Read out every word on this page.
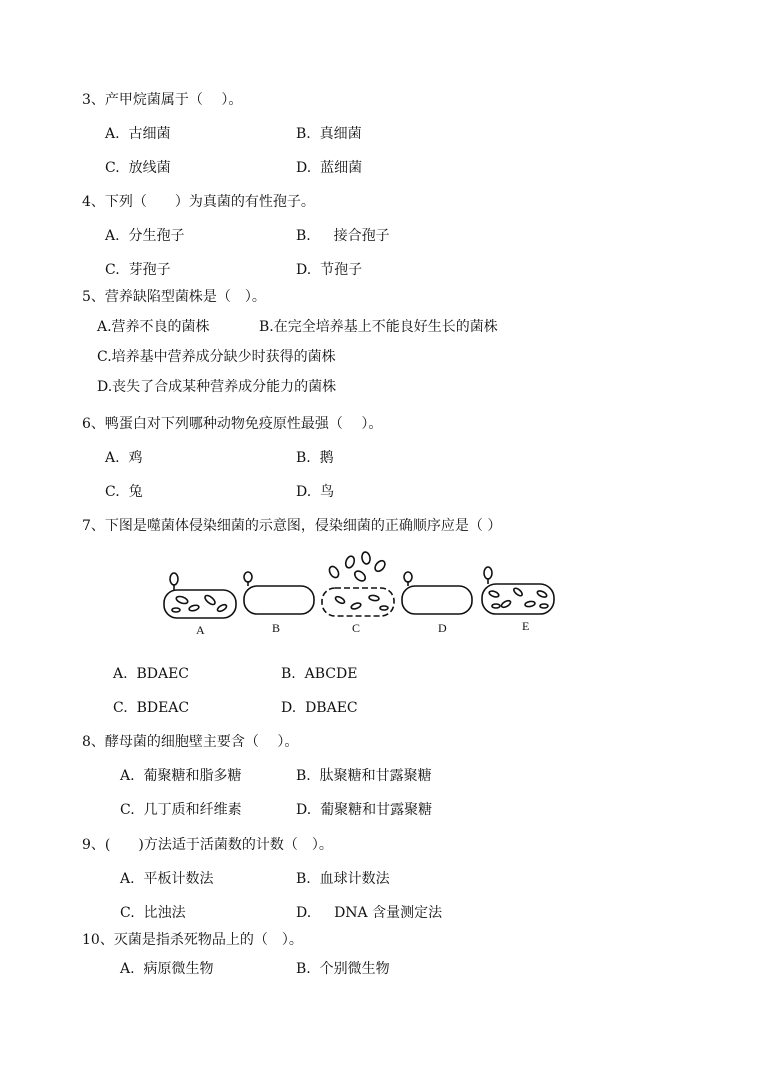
3、产甲烷菌属于（　 ）。
A.  古细菌	B.  真细菌
C.  放线菌	D.  蓝细菌
4、下列（　　）为真菌的有性孢子。
A.  分生孢子	B.  　接合孢子
C.  芽孢子	D.  节孢子
5、营养缺陷型菌株是（　）。
A.营养不良的菌株	B.在完全培养基上不能良好生长的菌株
C.培养基中营养成分缺少时获得的菌株
D.丧失了合成某种营养成分能力的菌株
6、鸭蛋白对下列哪种动物免疫原性最强（　 ）。
A.  鸡	B.  鹅
C.  兔	D.  鸟
7、下图是噬菌体侵染细菌的示意图，侵染细菌的正确顺序应是（ ）
A	B	C	D	E
A.  BDAEC	B.  ABCDE
C.  BDEAC	D.  DBAEC
8、酵母菌的细胞壁主要含（　 ）。
A.  葡聚糖和脂多糖	B.  肽聚糖和甘露聚糖
C.  几丁质和纤维素	D.  葡聚糖和甘露聚糖
9、(　　)方法适于活菌数的计数（　）。
A.  平板计数法	B.  血球计数法
C.  比浊法	D.  　DNA 含量测定法
10、灭菌是指杀死物品上的（　）。
A.  病原微生物	B.  个别微生物
